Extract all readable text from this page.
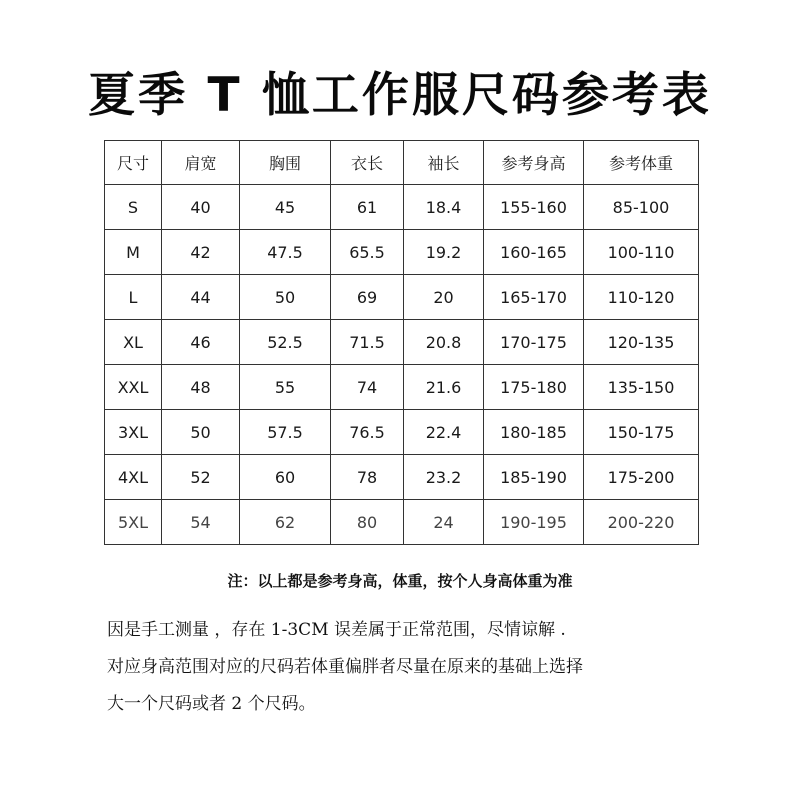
夏季 T 恤工作服尺码参考表
尺寸	肩宽	胸围	衣长	袖长	参考身高	参考体重
S	40	45	61	18.4	155-160	85-100
M	42	47.5	65.5	19.2	160-165	100-110
L	44	50	69	20	165-170	110-120
XL	46	52.5	71.5	20.8	170-175	120-135
XXL	48	55	74	21.6	175-180	135-150
3XL	50	57.5	76.5	22.4	180-185	150-175
4XL	52	60	78	23.2	185-190	175-200
5XL	54	62	80	24	190-195	200-220
注：以上都是参考身高，体重，按个人身高体重为准
因是手工测量 ，存在 1-3CM 误差属于正常范围，尽情谅解 .
对应身高范围对应的尺码若体重偏胖者尽量在原来的基础上选择
大一个尺码或者 2 个尺码。
